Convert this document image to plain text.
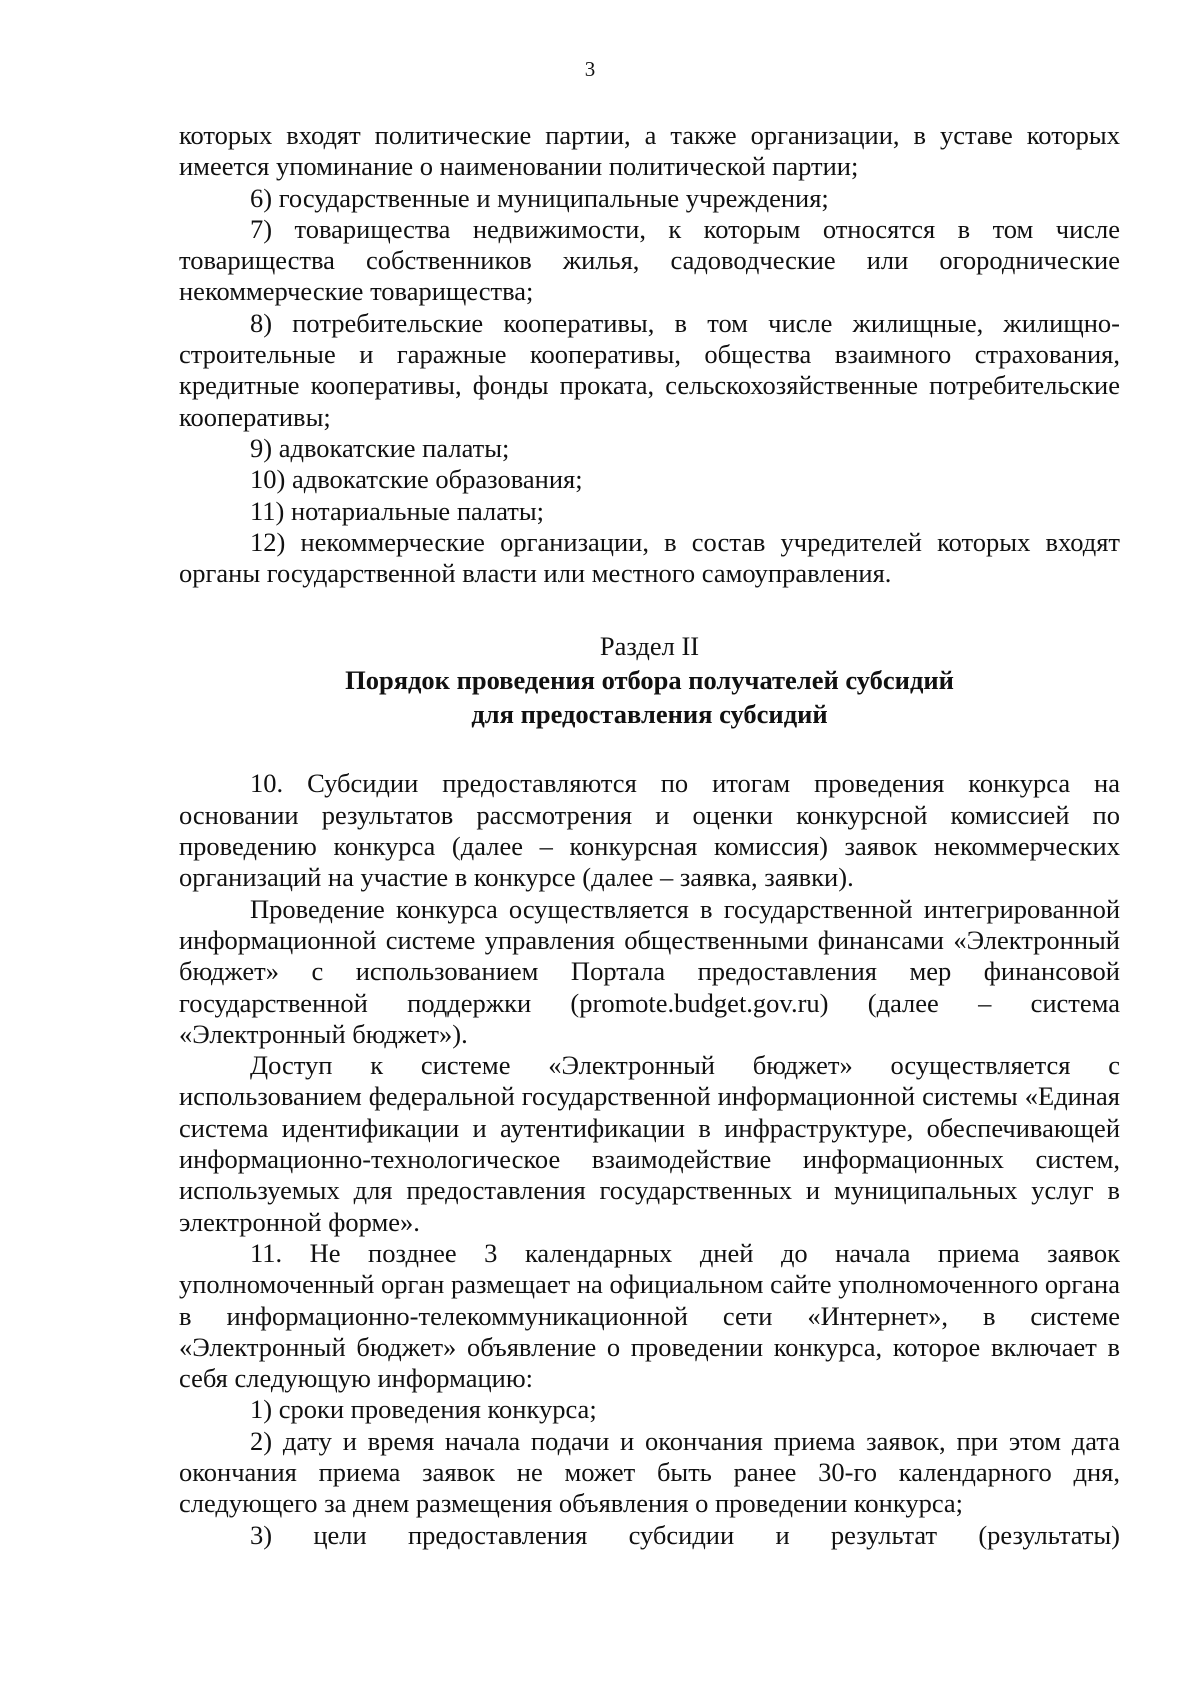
3

которых входят политические партии, а также организации, в уставе которых имеется упоминание о наименовании политической партии;

6) государственные и муниципальные учреждения;

7) товарищества недвижимости, к которым относятся в том числе товарищества собственников жилья, садоводческие или огороднические некоммерческие товарищества;

8) потребительские кооперативы, в том числе жилищные, жилищно-строительные и гаражные кооперативы, общества взаимного страхования, кредитные кооперативы, фонды проката, сельскохозяйственные потребительские кооперативы;

9) адвокатские палаты;

10) адвокатские образования;

11) нотариальные палаты;

12) некоммерческие организации, в состав учредителей которых входят органы государственной власти или местного самоуправления.

Раздел II

Порядок проведения отбора получателей субсидий

для предоставления субсидий

10. Субсидии предоставляются по итогам проведения конкурса на основании результатов рассмотрения и оценки конкурсной комиссией по проведению конкурса (далее – конкурсная комиссия) заявок некоммерческих организаций на участие в конкурсе (далее – заявка, заявки).

Проведение конкурса осуществляется в государственной интегрированной информационной системе управления общественными финансами «Электронный бюджет» с использованием Портала предоставления мер финансовой государственной поддержки (promote.budget.gov.ru) (далее – система «Электронный бюджет»).

Доступ к системе «Электронный бюджет» осуществляется с использованием федеральной государственной информационной системы «Единая система идентификации и аутентификации в инфраструктуре, обеспечивающей информационно-технологическое взаимодействие информационных систем, используемых для предоставления государственных и муниципальных услуг в электронной форме».

11. Не позднее 3 календарных дней до начала приема заявок уполномоченный орган размещает на официальном сайте уполномоченного органа в информационно-телекоммуникационной сети «Интернет», в системе «Электронный бюджет» объявление о проведении конкурса, которое включает в себя следующую информацию:

1) сроки проведения конкурса;

2) дату и время начала подачи и окончания приема заявок, при этом дата окончания приема заявок не может быть ранее 30-го календарного дня, следующего за днем размещения объявления о проведении конкурса;

3) цели предоставления субсидии и результат (результаты)
